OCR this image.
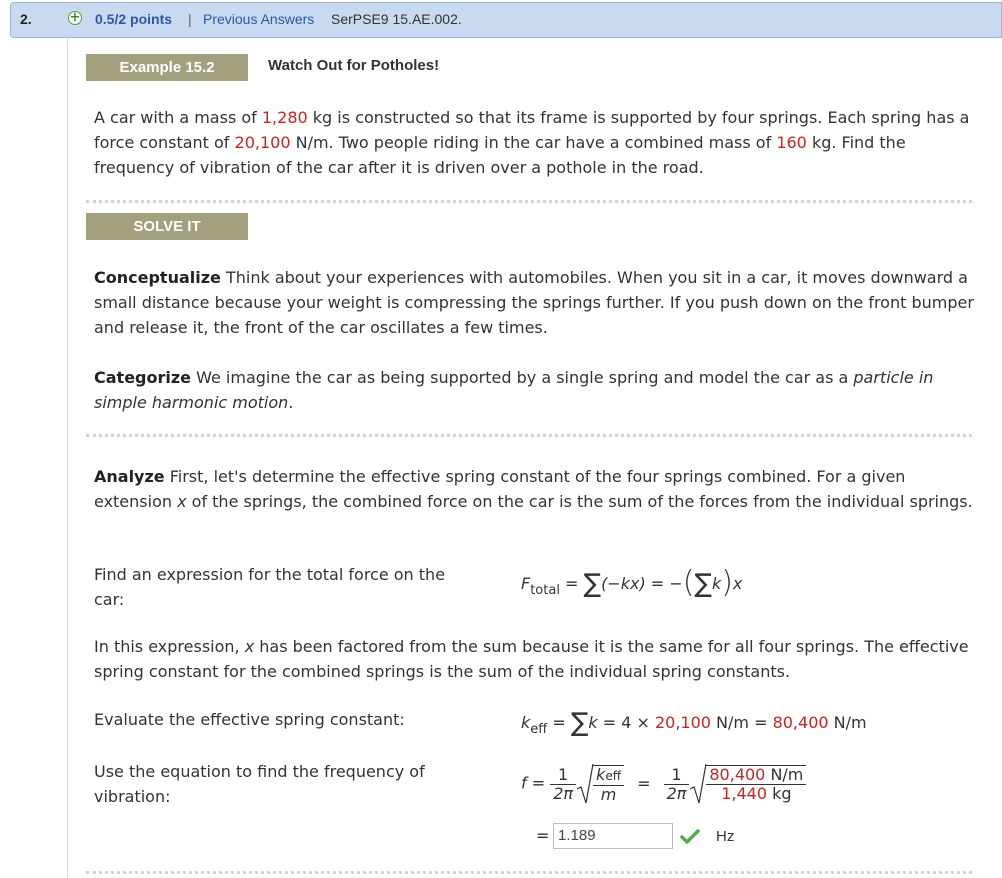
2.	+ 0.5/2 points | Previous Answers SerPSE9 15.AE.002.
Example 15.2	Watch Out for Potholes!
A car with a mass of 1,280 kg is constructed so that its frame is supported by four springs. Each spring has a force constant of 20,100 N/m. Two people riding in the car have a combined mass of 160 kg. Find the frequency of vibration of the car after it is driven over a pothole in the road.
SOLVE IT
Conceptualize Think about your experiences with automobiles. When you sit in a car, it moves downward a small distance because your weight is compressing the springs further. If you push down on the front bumper and release it, the front of the car oscillates a few times.
Categorize We imagine the car as being supported by a single spring and model the car as a particle in simple harmonic motion.
Analyze First, let's determine the effective spring constant of the four springs combined. For a given extension x of the springs, the combined force on the car is the sum of the forces from the individual springs.
Find an expression for the total force on the car:
$F_{total} = \sum(-kx) = -(\sum k)x$
In this expression, x has been factored from the sum because it is the same for all four springs. The effective spring constant for the combined springs is the sum of the individual spring constants.
Evaluate the effective spring constant:	$k_{eff} = \sum k = 4 \times 20,100$ N/m = 80,400 N/m
Use the equation to find the frequency of vibration:
$f = \frac{1}{2\pi} \frac{\text{keff}}{m} = \frac{1}{2\pi} \frac{80,400 N/m}{1,440 kg}$
= 1.189	Hz
